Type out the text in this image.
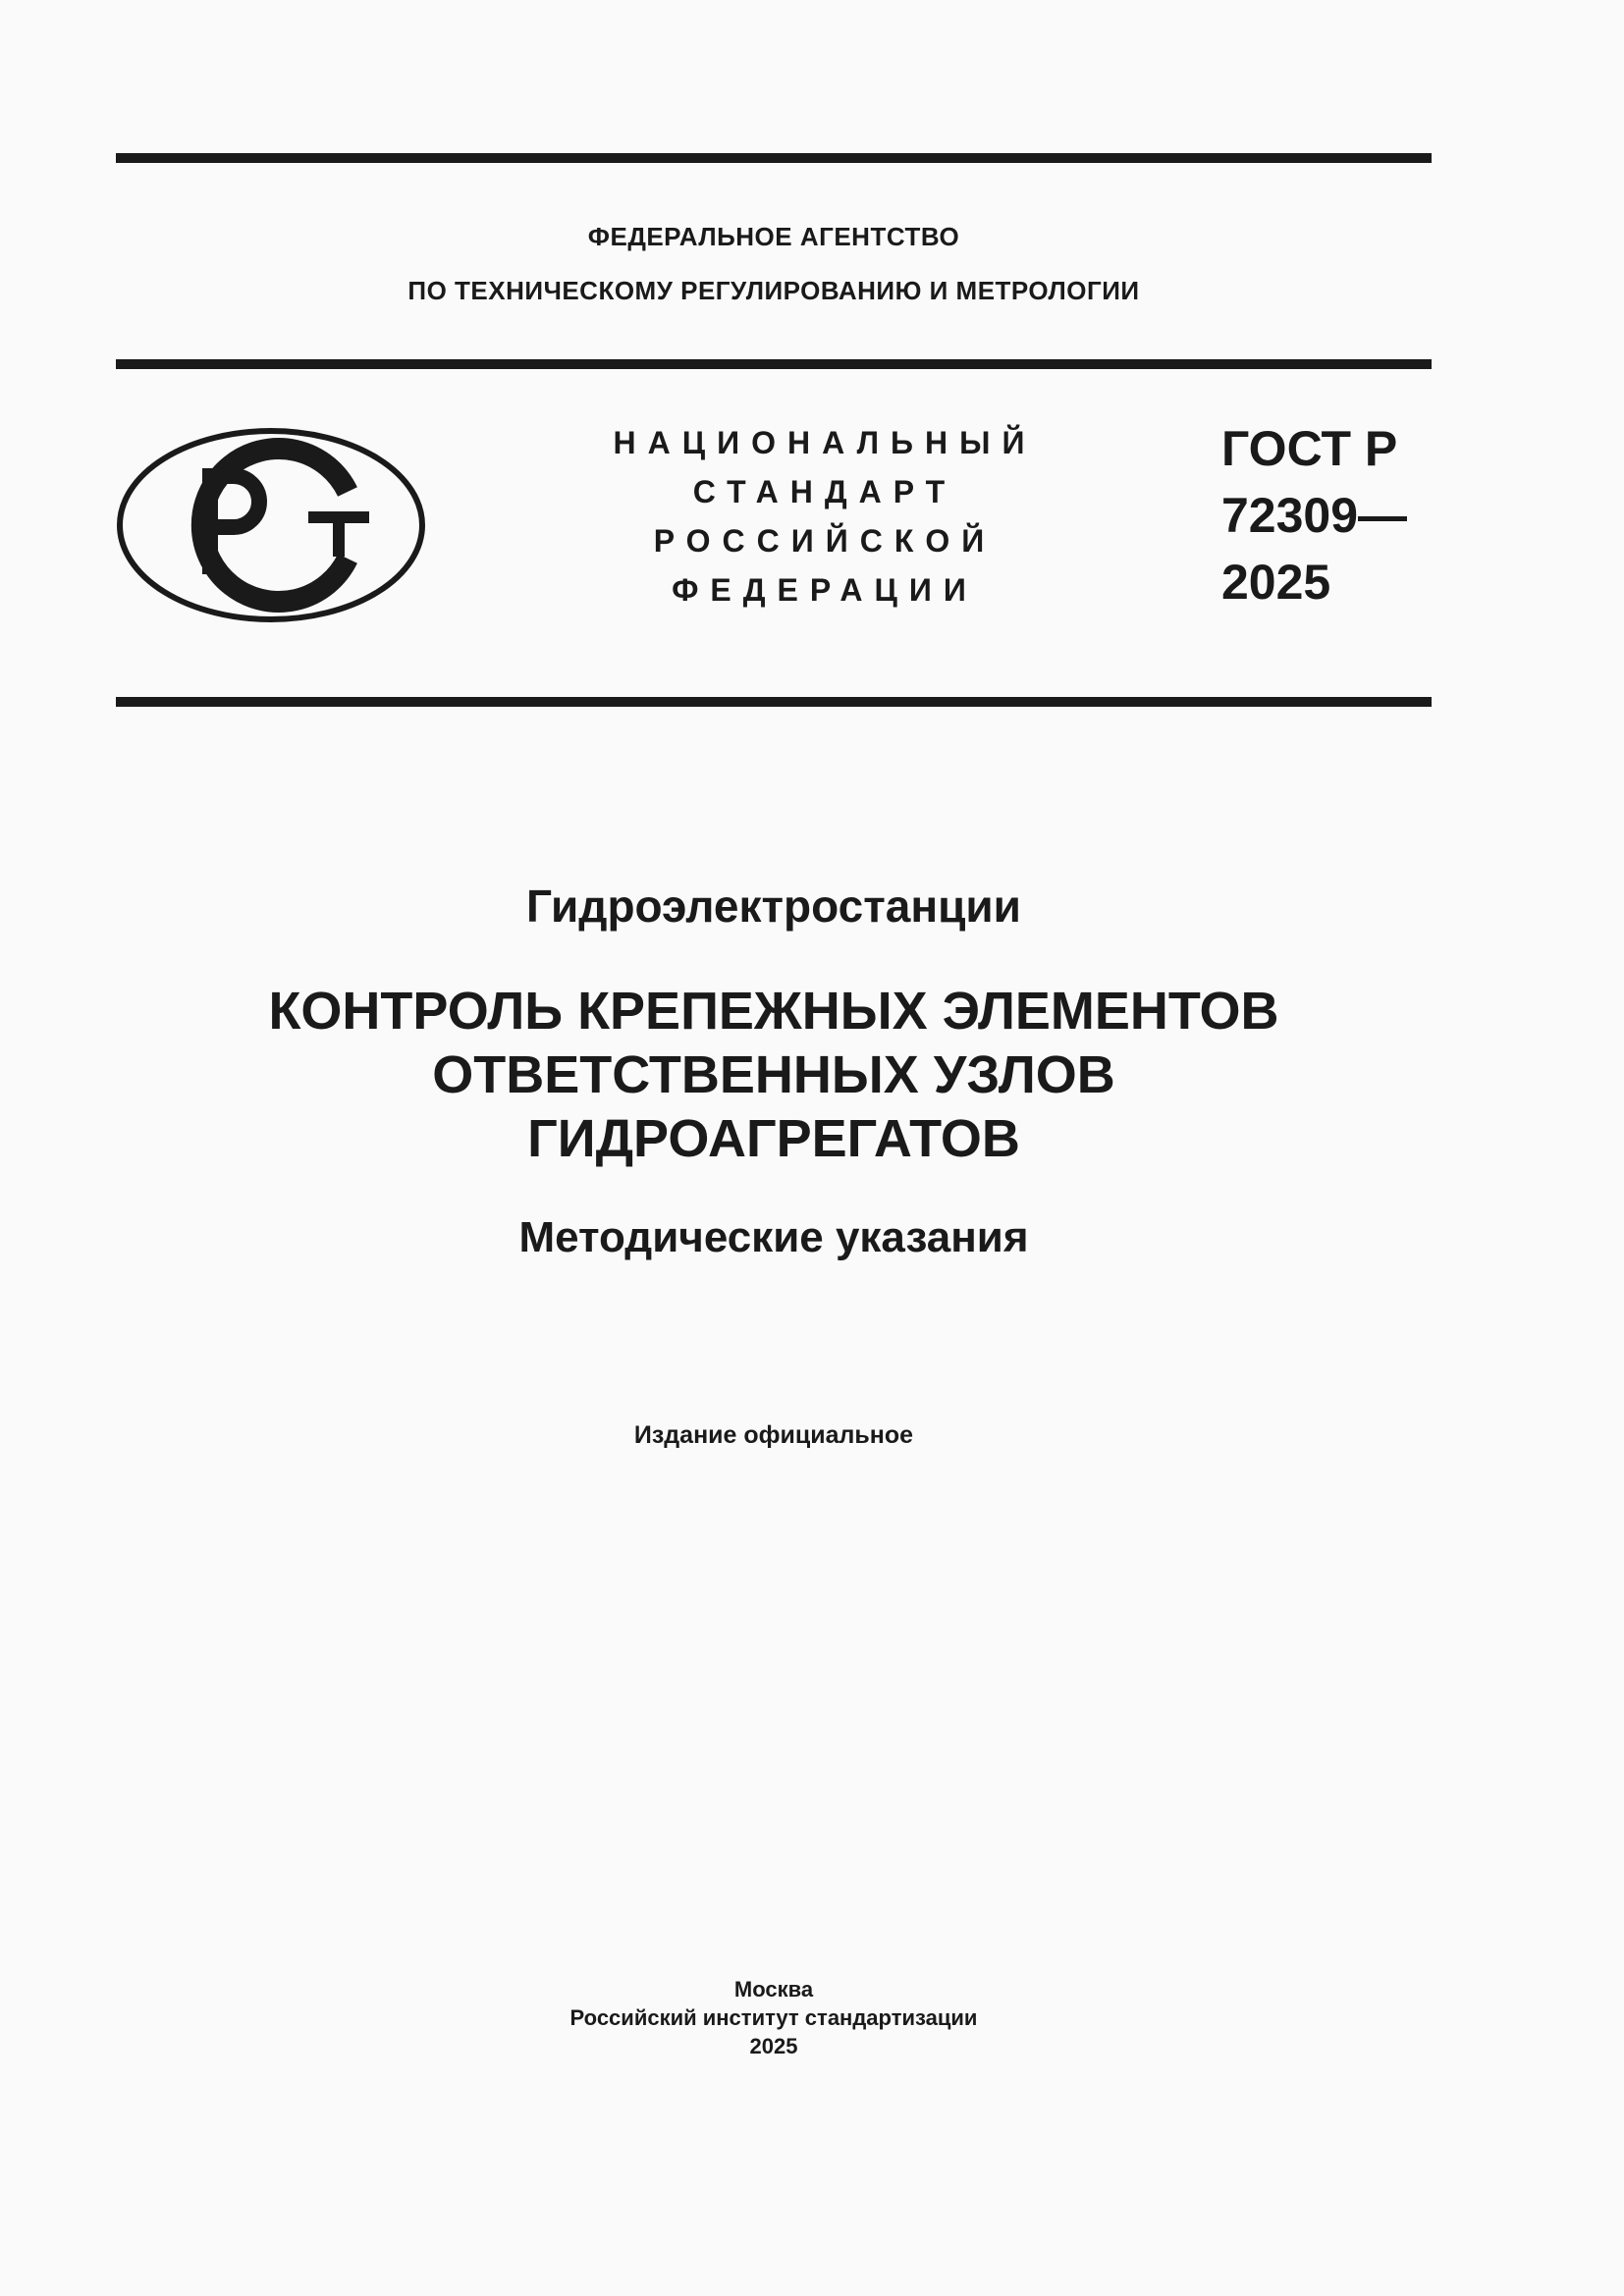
ФЕДЕРАЛЬНОЕ АГЕНТСТВО
ПО ТЕХНИЧЕСКОМУ РЕГУЛИРОВАНИЮ И МЕТРОЛОГИИ
НАЦИОНАЛЬНЫЙ
СТАНДАРТ
РОССИЙСКОЙ
ФЕДЕРАЦИИ
ГОСТ Р
72309—
2025
Гидроэлектростанции
КОНТРОЛЬ КРЕПЕЖНЫХ ЭЛЕМЕНТОВ
ОТВЕТСТВЕННЫХ УЗЛОВ
ГИДРОАГРЕГАТОВ
Методические указания
Издание официальное
Москва
Российский институт стандартизации
2025
